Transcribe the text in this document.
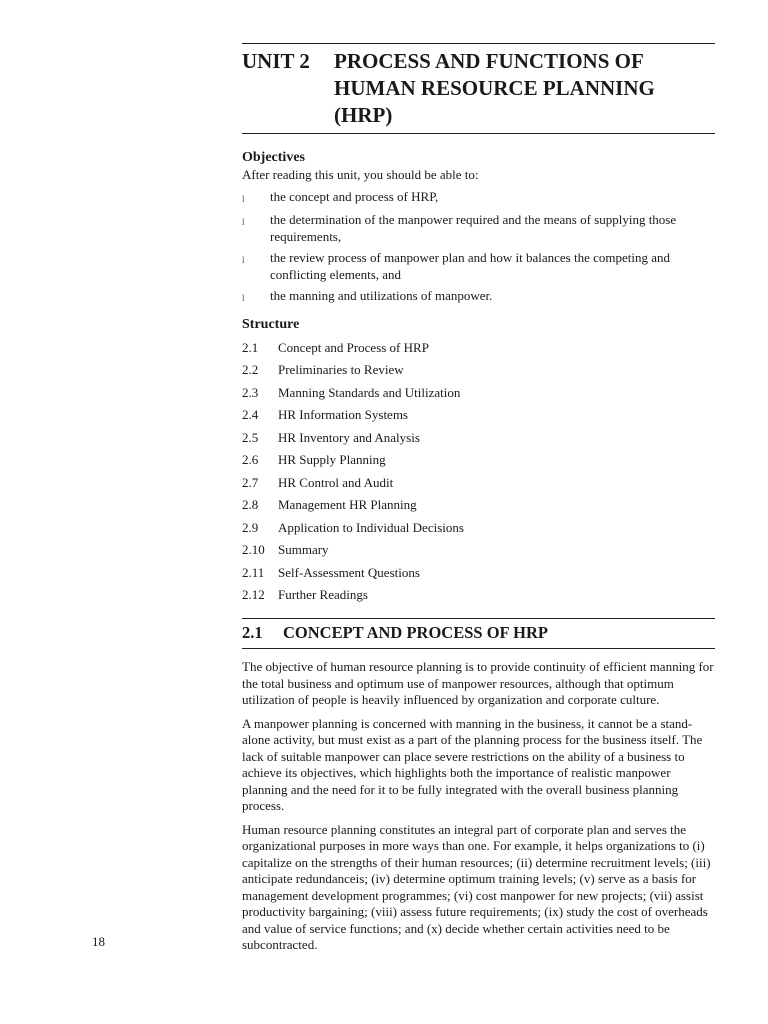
UNIT 2	PROCESS AND FUNCTIONS OF
HUMAN RESOURCE PLANNING
(HRP)
Objectives

After reading this unit, you should be able to:

l	the concept and process of HRP,
l	the determination of the manpower required and the means of supplying those requirements,
l	the review process of manpower plan and how it balances the competing and conflicting elements, and
l	the manning and utilizations of manpower.
Structure
2.1	Concept and Process of HRP
2.2	Preliminaries to Review
2.3	Manning Standards and Utilization
2.4	HR Information Systems
2.5	HR Inventory and Analysis
2.6	HR Supply Planning
2.7	HR Control and Audit
2.8	Management HR Planning
2.9	Application to Individual Decisions
2.10	Summary
2.11	Self-Assessment Questions
2.12	Further Readings
2.1	CONCEPT AND PROCESS OF HRP

The objective of human resource planning is to provide continuity of efficient manning for the total business and optimum use of manpower resources, although that optimum utilization of people is heavily influenced by organization and corporate culture.

A manpower planning is concerned with manning in the business, it cannot be a stand-alone activity, but must exist as a part of the planning process for the business itself. The lack of suitable manpower can place severe restrictions on the ability of a business to achieve its objectives, which highlights both the importance of realistic manpower planning and the need for it to be fully integrated with the overall business planning process.

Human resource planning constitutes an integral part of corporate plan and serves the organizational purposes in more ways than one. For example, it helps organizations to (i) capitalize on the strengths of their human resources; (ii) determine recruitment levels; (iii) anticipate redundanceis; (iv) determine optimum training levels; (v) serve as a basis for management development programmes; (vi) cost manpower for new projects; (vii) assist productivity bargaining; (viii) assess future requirements; (ix) study the cost of overheads and value of service functions; and (x) decide whether certain activities need to be subcontracted.

18
